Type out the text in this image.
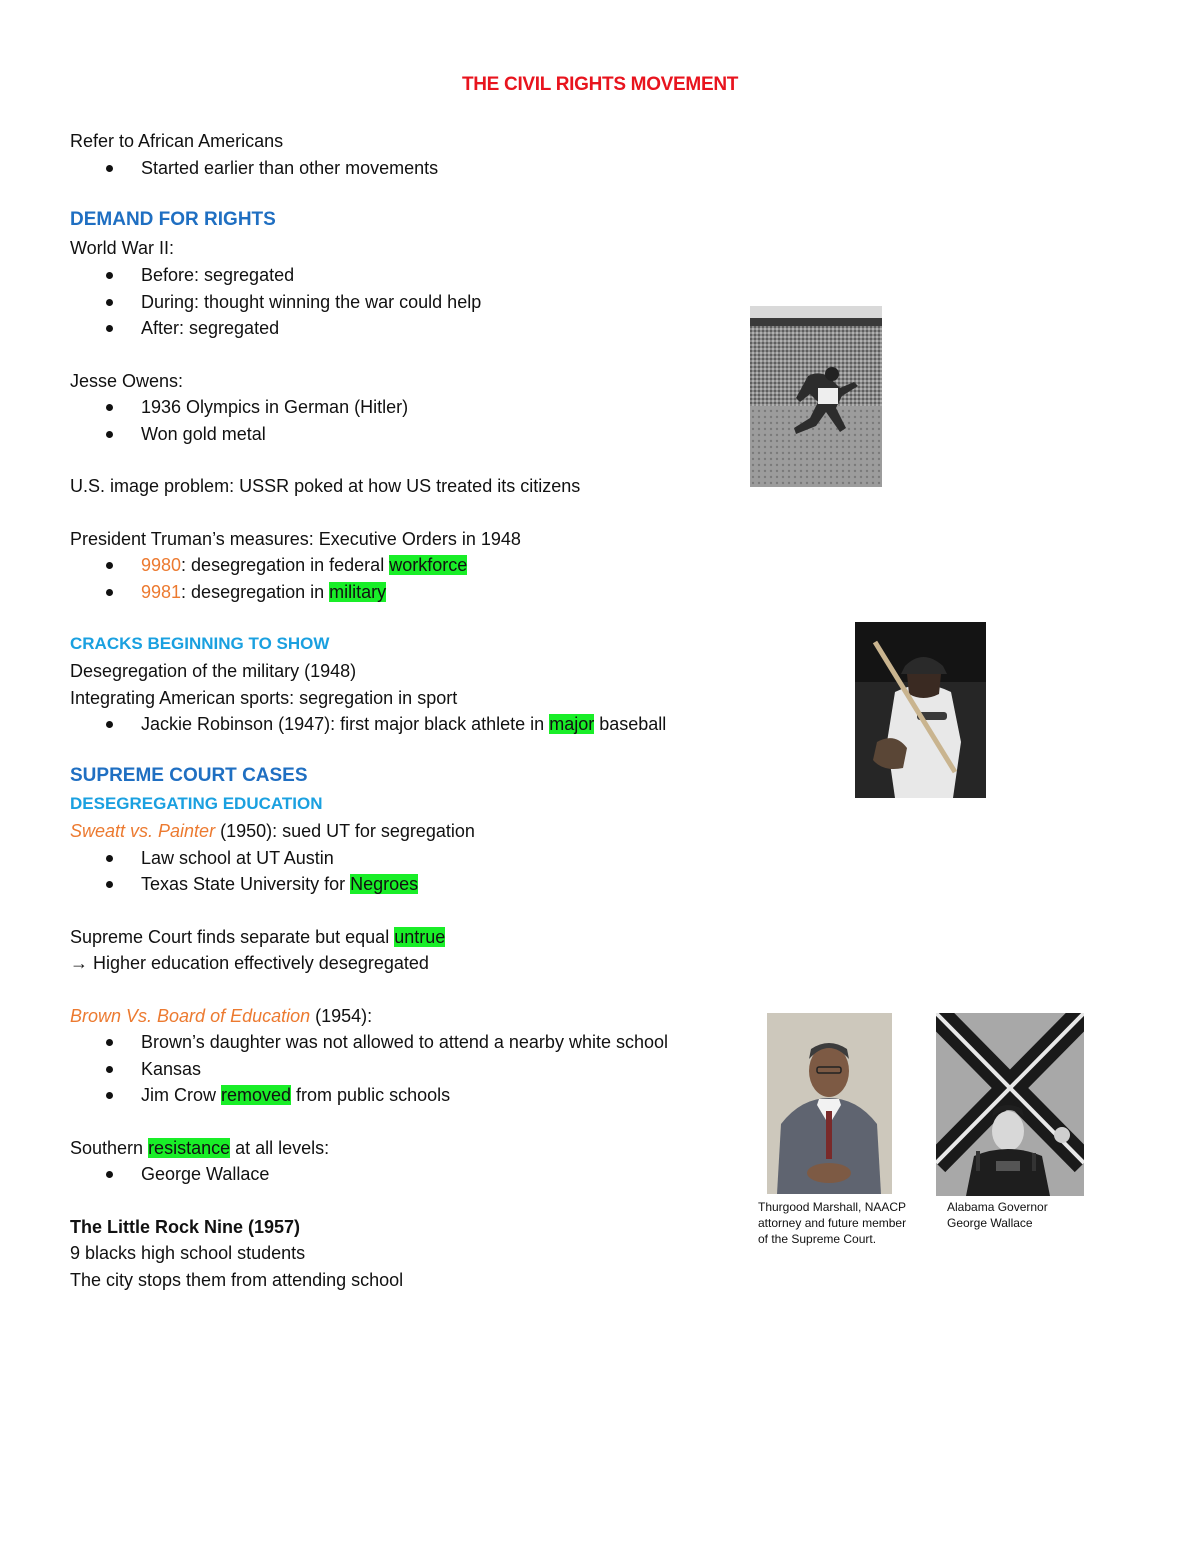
THE CIVIL RIGHTS MOVEMENT
Refer to African Americans
Started earlier than other movements
DEMAND FOR RIGHTS
World War II:
Before: segregated
During: thought winning the war could help
After: segregated
Jesse Owens:
1936 Olympics in German (Hitler)
Won gold metal
U.S. image problem: USSR poked at how US treated its citizens
President Truman’s measures: Executive Orders in 1948
9980: desegregation in federal workforce
9981: desegregation in military
CRACKS BEGINNING TO SHOW
Desegregation of the military (1948)
Integrating American sports: segregation in sport
Jackie Robinson (1947): first major black athlete in major baseball
SUPREME COURT CASES
DESEGREGATING EDUCATION
Sweatt vs. Painter (1950): sued UT for segregation
Law school at UT Austin
Texas State University for Negroes
Supreme Court finds separate but equal untrue
→ Higher education effectively desegregated
Brown Vs. Board of Education (1954):
Brown’s daughter was not allowed to attend a nearby white school
Kansas
Jim Crow removed from public schools
Southern resistance at all levels:
George Wallace
The Little Rock Nine (1957)
9 blacks high school students
The city stops them from attending school
Thurgood Marshall, NAACP
attorney and future member
of the Supreme Court.
Alabama Governor
George Wallace
